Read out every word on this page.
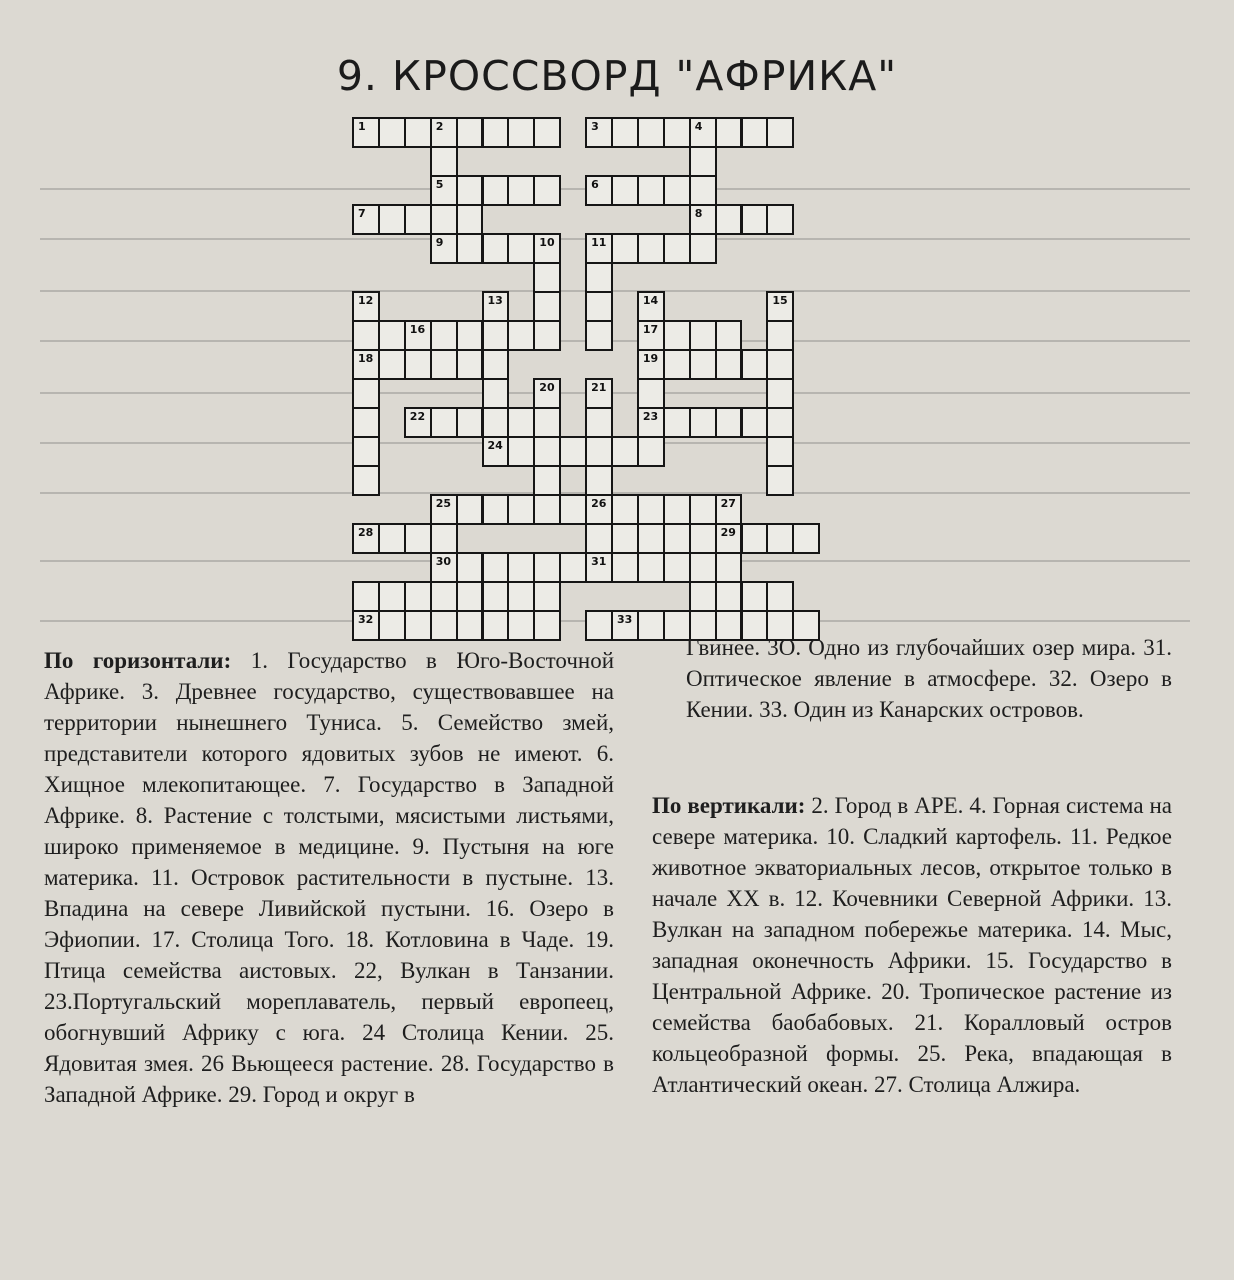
9. КРОССВОРД "АФРИКА"
1	2	3	4
5	6
7	8
9	10	11
16	17
18	19
22	23
24
25	26	27
29
33
12	13	14	15
20	21
30
28
31
32
По горизонтали: 1. Государство в Юго-Восточной Африке. 3. Древнее государство, существовавшее на территории нынешнего Туниса. 5. Семейство змей, представители которого ядовитых зубов не имеют. 6. Хищное млекопитающее. 7. Государство в Западной Африке. 8. Растение с толстыми, мясистыми листьями, широко применяемое в медицине. 9. Пустыня на юге материка. 11. Островок растительности в пустыне. 13. Впадина на севере Ливийской пустыни. 16. Озеро в Эфиопии. 17. Столица Того. 18. Котловина в Чаде. 19. Птица семейства аистовых. 22, Вулкан в Танзании. 23.Португальский мореплаватель, первый европеец, обогнувший Африку с юга. 24 Столица Кении. 25. Ядовитая змея. 26 Вьющееся растение. 28. Государство в Западной Африке. 29. Город и округ в
Гвинее. 3О. Одно из глубочайших озер мира. 31. Оптическое явление в атмосфере. 32. Озеро в Кении. 33. Один из Канарских островов.
По вертикали: 2. Город в АРЕ. 4. Горная система на севере материка. 10. Сладкий картофель. 11. Редкое животное экваториальных лесов, открытое только в начале XX в. 12. Кочевники Северной Африки. 13. Вулкан на западном побережье материка. 14. Мыс, западная оконечность Африки. 15. Государство в Центральной Африке. 20. Тропическое растение из семейства баобабовых. 21. Коралловый остров кольцеобразной формы. 25. Река, впадающая в Атлантический океан. 27. Столица Алжира.
